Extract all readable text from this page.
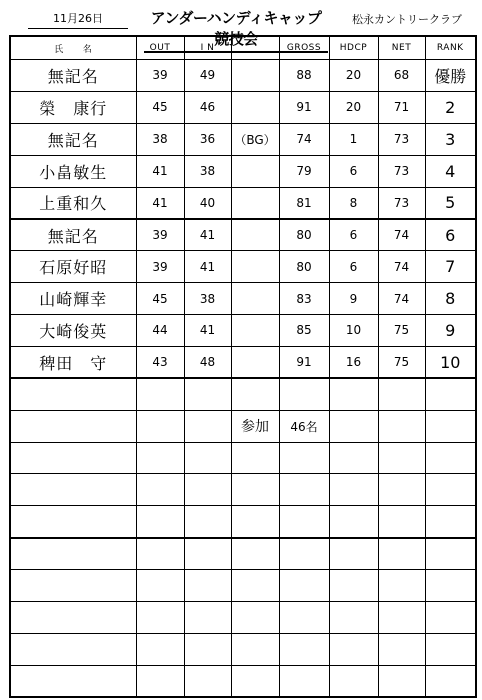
11月26日	アンダーハンディキャップ競技会
松永カントリークラブ
氏　　名	OUT	I N		GROSS	HDCP	NET	RANK
無記名	39	49		88	20	68	優勝
榮　康行	45	46		91	20	71	2
無記名	38	36	（BG）	74	1	73	3
小畠敏生	41	38		79	6	73	4
上重和久	41	40		81	8	73	5
無記名	39	41		80	6	74	6
石原好昭	39	41		80	6	74	7
山崎輝幸	45	38		83	9	74	8
大崎俊英	44	41		85	10	75	9
稗田　守	43	48		91	16	75	10

			参加	46名			
